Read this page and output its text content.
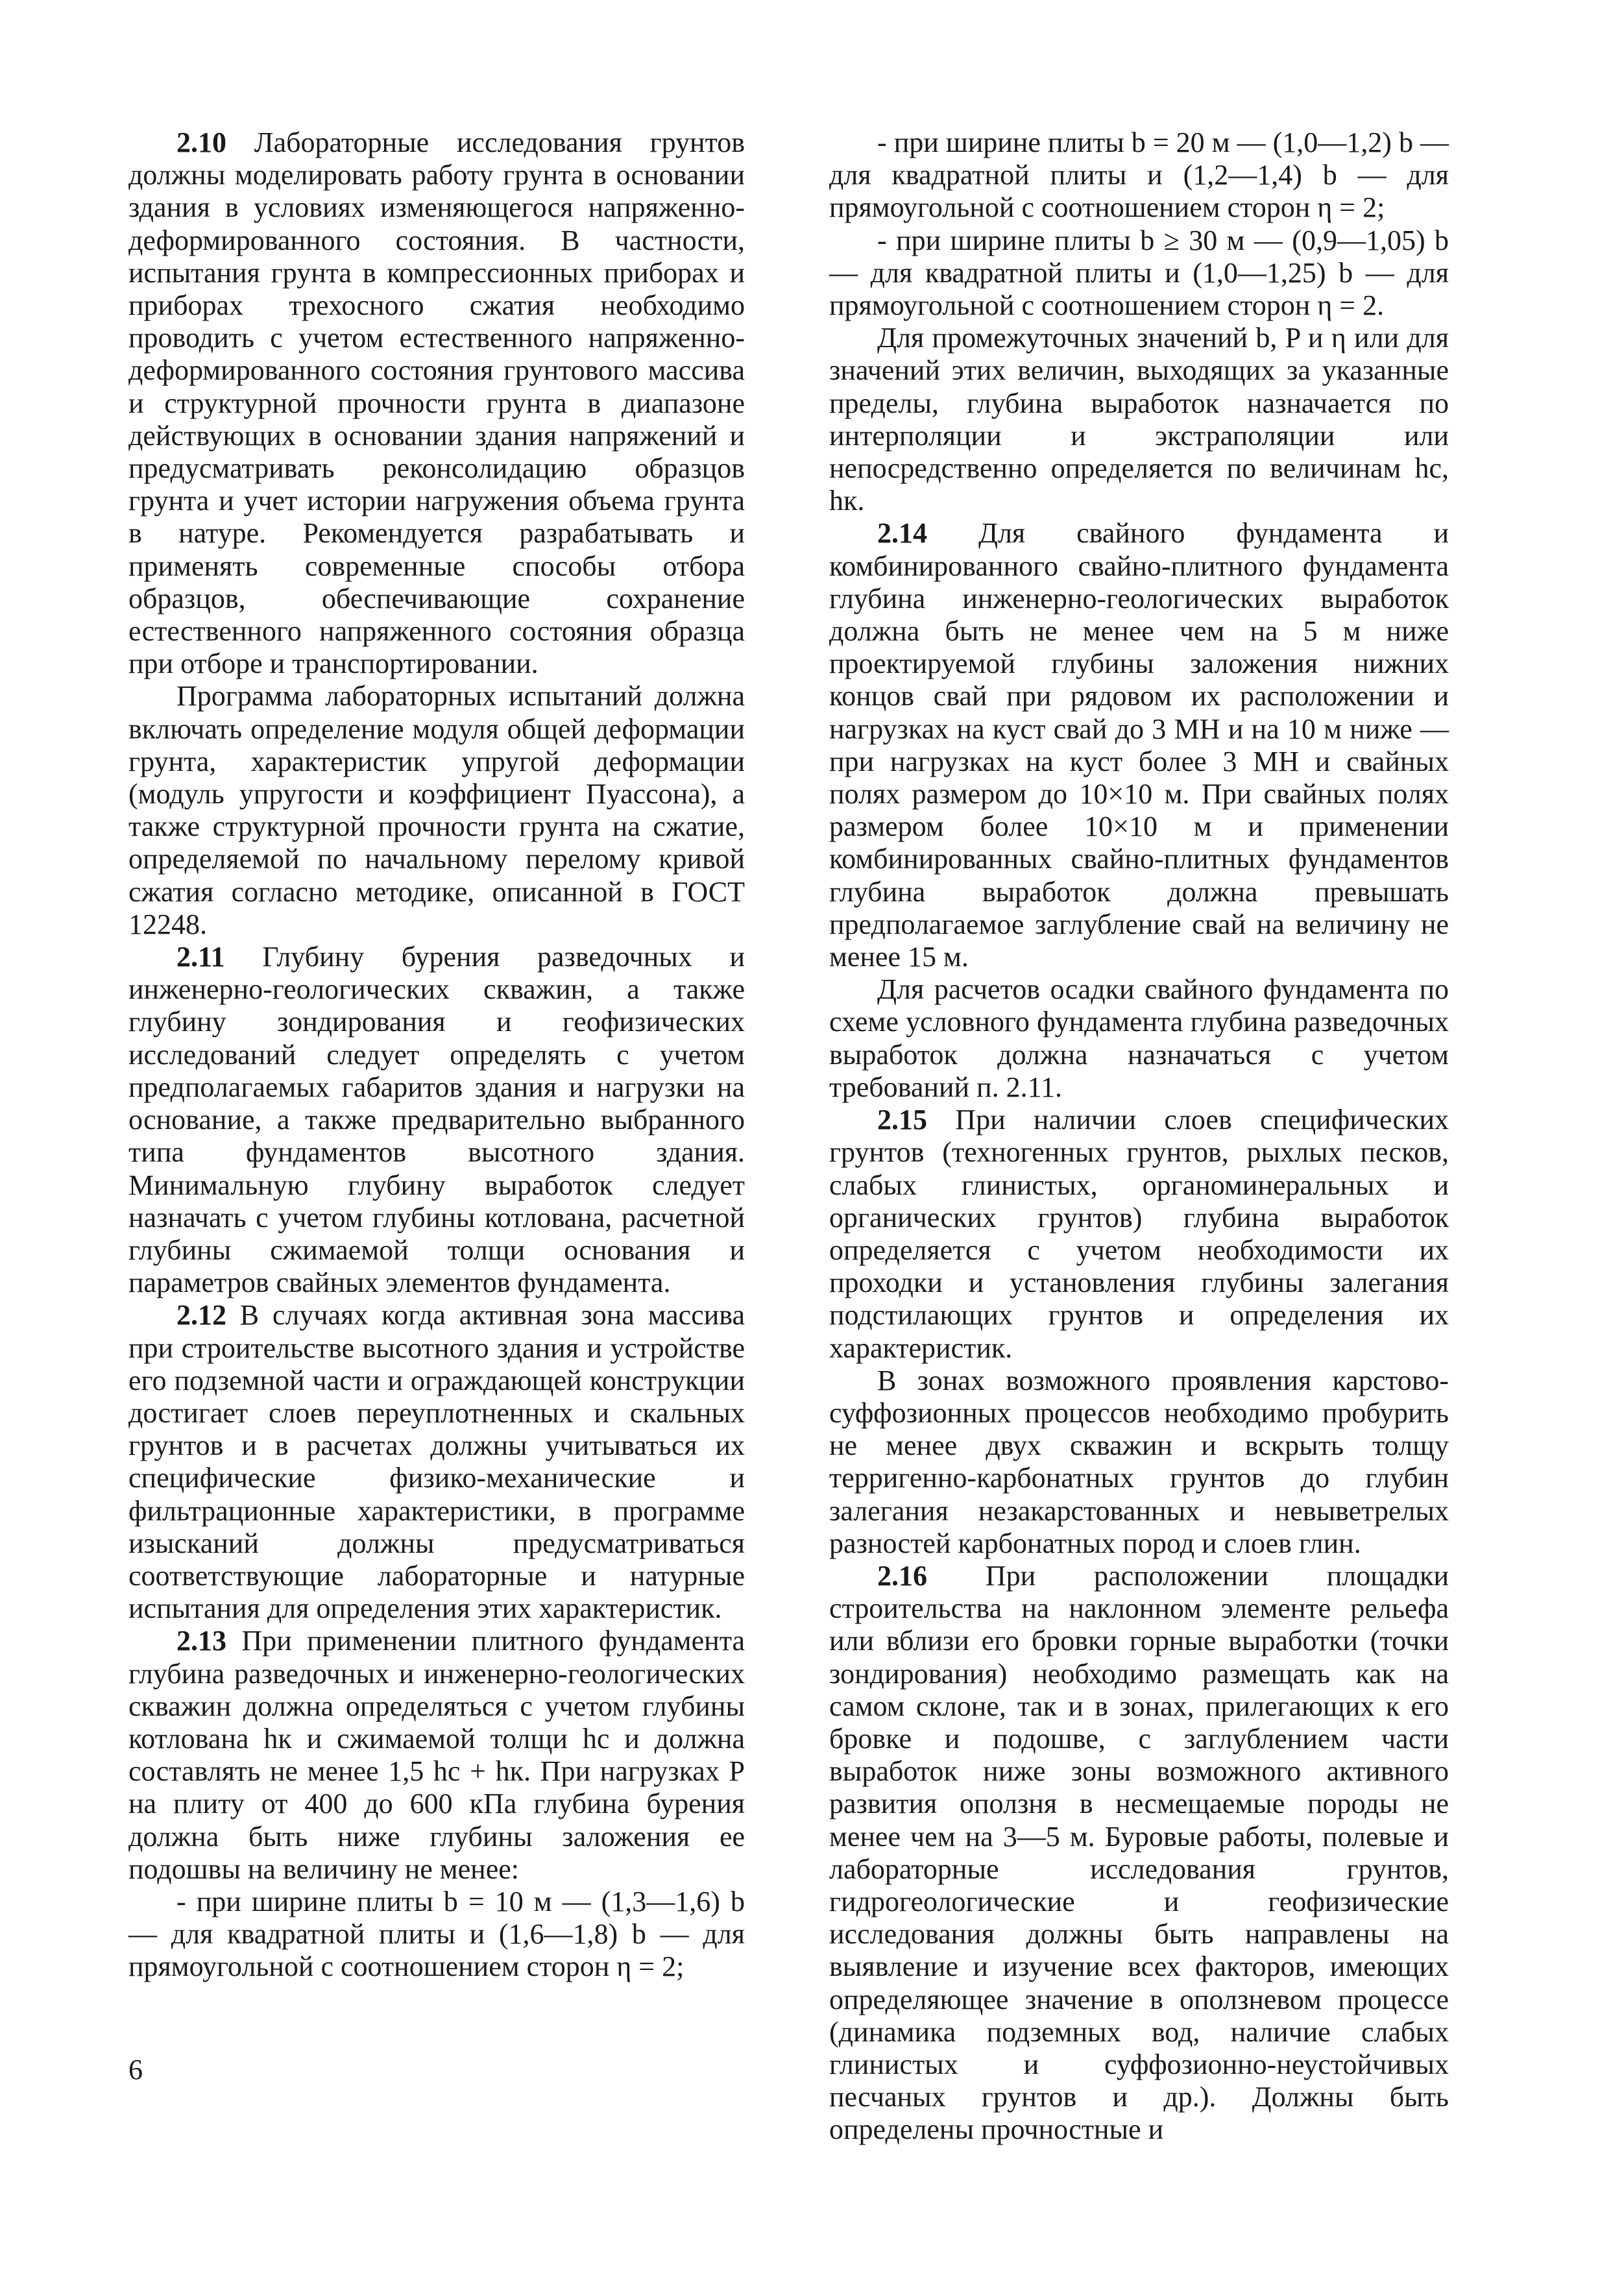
2.10 Лабораторные исследования грунтов должны моделировать работу грунта в основании здания в условиях изменяющегося напряженно-деформированного состояния. В частности, испытания грунта в компрессионных приборах и приборах трехосного сжатия необходимо проводить с учетом естественного напряженно-деформированного состояния грунтового массива и структурной прочности грунта в диапазоне действующих в основании здания напряжений и предусматривать реконсолидацию образцов грунта и учет истории нагружения объема грунта в натуре. Рекомендуется разрабатывать и применять современные способы отбора образцов, обеспечивающие сохранение естественного напряженного состояния образца при отборе и транспортировании.

Программа лабораторных испытаний должна включать определение модуля общей деформации грунта, характеристик упругой деформации (модуль упругости и коэффициент Пуассона), а также структурной прочности грунта на сжатие, определяемой по начальному перелому кривой сжатия согласно методике, описанной в ГОСТ 12248.

2.11 Глубину бурения разведочных и инженерно-геологических скважин, а также глубину зондирования и геофизических исследований следует определять с учетом предполагаемых габаритов здания и нагрузки на основание, а также предварительно выбранного типа фундаментов высотного здания. Минимальную глубину выработок следует назначать с учетом глубины котлована, расчетной глубины сжимаемой толщи основания и параметров свайных элементов фундамента.

2.12 В случаях когда активная зона массива при строительстве высотного здания и устройстве его подземной части и ограждающей конструкции достигает слоев переуплотненных и скальных грунтов и в расчетах должны учитываться их специфические физико-механические и фильтрационные характеристики, в программе изысканий должны предусматриваться соответствующие лабораторные и натурные испытания для определения этих характеристик.

2.13 При применении плитного фундамента глубина разведочных и инженерно-геологических скважин должна определяться с учетом глубины котлована hк и сжимаемой толщи hс и должна составлять не менее 1,5 hс + hк. При нагрузках P на плиту от 400 до 600 кПа глубина бурения должна быть ниже глубины заложения ее подошвы на величину не менее:

- при ширине плиты b = 10 м — (1,3—1,6) b — для квадратной плиты и (1,6—1,8) b — для прямоугольной с соотношением сторон η = 2;

- при ширине плиты b = 20 м — (1,0—1,2) b — для квадратной плиты и (1,2—1,4) b — для прямоугольной с соотношением сторон η = 2;

- при ширине плиты b ≥ 30 м — (0,9—1,05) b — для квадратной плиты и (1,0—1,25) b — для прямоугольной с соотношением сторон η = 2.

Для промежуточных значений b, P и η или для значений этих величин, выходящих за указанные пределы, глубина выработок назначается по интерполяции и экстраполяции или непосредственно определяется по величинам hс, hк.

2.14 Для свайного фундамента и комбинированного свайно-плитного фундамента глубина инженерно-геологических выработок должна быть не менее чем на 5 м ниже проектируемой глубины заложения нижних концов свай при рядовом их расположении и нагрузках на куст свай до 3 МН и на 10 м ниже — при нагрузках на куст более 3 МН и свайных полях размером до 10×10 м. При свайных полях размером более 10×10 м и применении комбинированных свайно-плитных фундаментов глубина выработок должна превышать предполагаемое заглубление свай на величину не менее 15 м.

Для расчетов осадки свайного фундамента по схеме условного фундамента глубина разведочных выработок должна назначаться с учетом требований п. 2.11.

2.15 При наличии слоев специфических грунтов (техногенных грунтов, рыхлых песков, слабых глинистых, органоминеральных и органических грунтов) глубина выработок определяется с учетом необходимости их проходки и установления глубины залегания подстилающих грунтов и определения их характеристик.

В зонах возможного проявления карстово-суффозионных процессов необходимо пробурить не менее двух скважин и вскрыть толщу терригенно-карбонатных грунтов до глубин залегания незакарстованных и невыветрелых разностей карбонатных пород и слоев глин.

2.16 При расположении площадки строительства на наклонном элементе рельефа или вблизи его бровки горные выработки (точки зондирования) необходимо размещать как на самом склоне, так и в зонах, прилегающих к его бровке и подошве, с заглублением части выработок ниже зоны возможного активного развития оползня в несмещаемые породы не менее чем на 3—5 м. Буровые работы, полевые и лабораторные исследования грунтов, гидрогеологические и геофизические исследования должны быть направлены на выявление и изучение всех факторов, имеющих определяющее значение в оползневом процессе (динамика подземных вод, наличие слабых глинистых и суффозионно-неустойчивых песчаных грунтов и др.). Должны быть определены прочностные и

6
